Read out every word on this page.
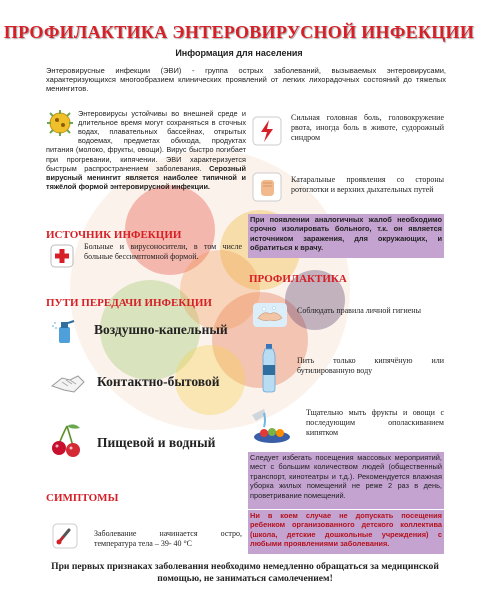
ПРОФИЛАКТИКА ЭНТЕРОВИРУСНОЙ ИНФЕКЦИИ
Информация для населения
Энтеровирусные инфекции (ЭВИ) - группа острых заболеваний, вызываемых энтеровирусами, характеризующихся многообразием клинических проявлений от легких лихорадочных состояний до тяжелых менингитов.
Энтеровирусы устойчивы во внешней среде и длительное время могут сохраняться в сточных водах, плавательных бассейнах, открытых водоемах, предметах обихода, продуктах питания (молоко, фрукты, овощи). Вирус быстро погибает при прогревании, кипячении. ЭВИ характеризуется быстрым распространением заболевания. Серозный вирусный менингит является наиболее типичной и тяжёлой формой энтеровирусной инфекции.
ИСТОЧНИК ИНФЕКЦИИ
Больные и вирусоносители, в том числе больные бессимптомной формой.
ПУТИ ПЕРЕДАЧИ ИНФЕКЦИИ
Воздушно-капельный
Контактно-бытовой
Пищевой и водный
СИМПТОМЫ
Заболевание начинается остро, температура тела – 39- 40 °С
Сильная головная боль, головокружение рвота, иногда боль в животе, судорожный синдром
Катаральные проявления со стороны ротоглотки и верхних дыхательных путей
При появлении аналогичных жалоб необходимо срочно изолировать больного, т.к. он является источником заражения, для окружающих, и обратиться к врачу.
ПРОФИЛАКТИКА
Соблюдать правила личной гигиены
Пить только кипячёную или бутилированную воду
Тщательно мыть фрукты и овощи с последующим ополаскиванием кипятком
Следует избегать посещения массовых мероприятий, мест с большим количеством людей (общественный транспорт, кинотеатры и т.д.). Рекомендуется влажная уборка жилых помещений не реже 2 раз в день, проветривание помещений.
Ни в коем случае не допускать посещения ребенком организованного детского коллектива (школа, детские дошкольные учреждения) с любыми проявлениями заболевания.
При первых признаках заболевания необходимо немедленно обращаться за медицинской помощью, не заниматься самолечением!
